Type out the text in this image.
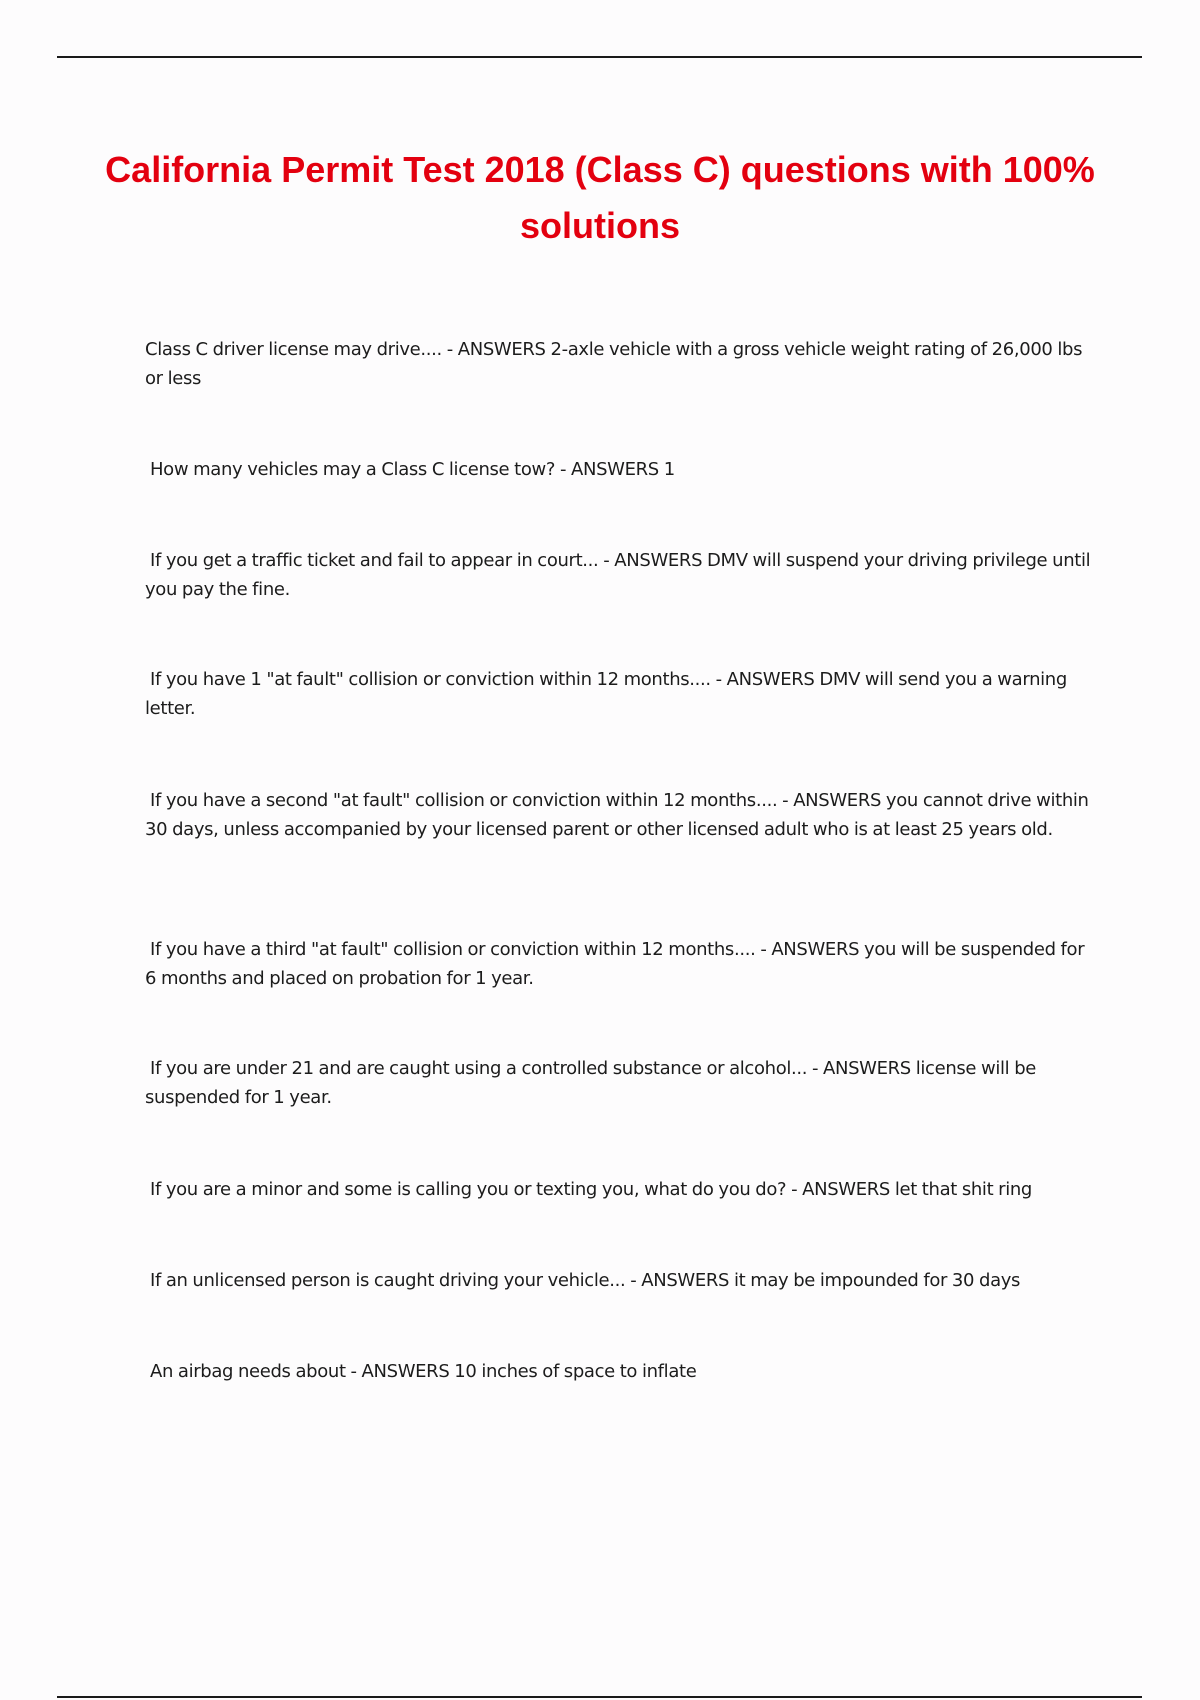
California Permit Test 2018 (Class C) questions with 100% solutions
Class C driver license may drive.... - ANSWERS 2-axle vehicle with a gross vehicle weight rating of 26,000 lbs or less
How many vehicles may a Class C license tow? - ANSWERS 1
If you get a traffic ticket and fail to appear in court... - ANSWERS DMV will suspend your driving privilege until you pay the fine.
If you have 1 "at fault" collision or conviction within 12 months.... - ANSWERS DMV will send you a warning letter.
If you have a second "at fault" collision or conviction within 12 months.... - ANSWERS you cannot drive within 30 days, unless accompanied by your licensed parent or other licensed adult who is at least 25 years old.
If you have a third "at fault" collision or conviction within 12 months.... - ANSWERS you will be suspended for 6 months and placed on probation for 1 year.
If you are under 21 and are caught using a controlled substance or alcohol... - ANSWERS license will be suspended for 1 year.
If you are a minor and some is calling you or texting you, what do you do? - ANSWERS let that shit ring
If an unlicensed person is caught driving your vehicle... - ANSWERS it may be impounded for 30 days
An airbag needs about - ANSWERS 10 inches of space to inflate
